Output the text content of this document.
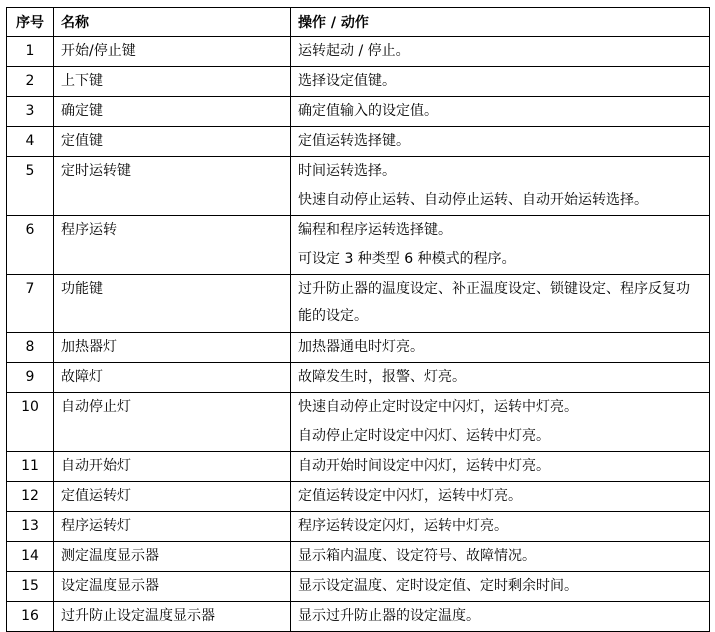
序号	名称	操作 / 动作

1	开始/停止键	运转起动 / 停止。

2	上下键	选择设定值键。

3	确定键	确定值输入的设定值。

4	定值键	定值运转选择键。

5	定时运转键	时间运转选择。
快速自动停止运转、自动停止运转、自动开始运转选择。

6	程序运转	编程和程序运转选择键。
可设定 3 种类型 6 种模式的程序。

7	功能键	过升防止器的温度设定、补正温度设定、锁键设定、程序反复功能的设定。

8	加热器灯	加热器通电时灯亮。

9	故障灯	故障发生时，报警、灯亮。

10	自动停止灯	快速自动停止定时设定中闪灯，运转中灯亮。
自动停止定时设定中闪灯、运转中灯亮。

11	自动开始灯	自动开始时间设定中闪灯，运转中灯亮。

12	定值运转灯	定值运转设定中闪灯，运转中灯亮。

13	程序运转灯	程序运转设定闪灯，运转中灯亮。

14	测定温度显示器	显示箱内温度、设定符号、故障情况。

15	设定温度显示器	显示设定温度、定时设定值、定时剩余时间。

16	过升防止设定温度显示器	显示过升防止器的设定温度。
